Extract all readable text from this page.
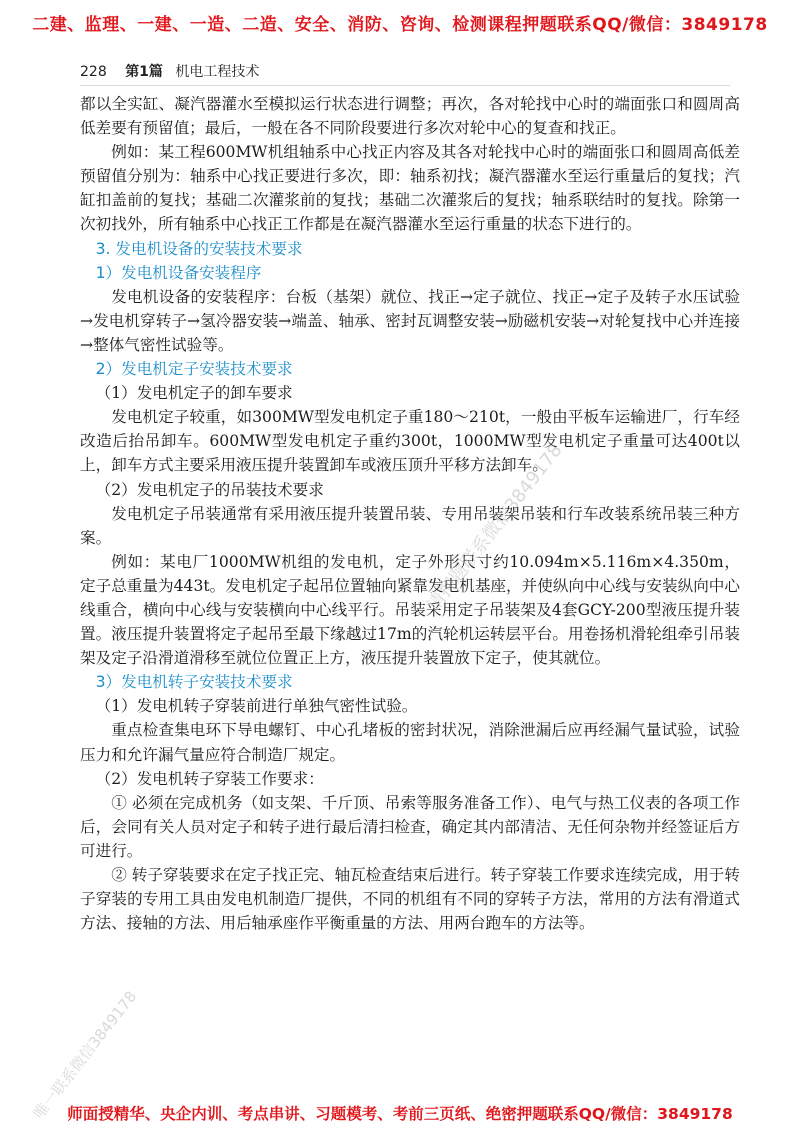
二建、监理、一建、一造、二造、安全、消防、咨询、检测课程押题联系QQ/微信：3849178
228 第1篇 机电工程技术

都以全实缸、凝汽器灌水至模拟运行状态进行调整；再次，各对轮找中心时的端面张口和圆周高低差要有预留值；最后，一般在各不同阶段要进行多次对轮中心的复查和找正。

例如：某工程600MW机组轴系中心找正内容及其各对轮找中心时的端面张口和圆周高低差预留值分别为：轴系中心找正要进行多次，即：轴系初找；凝汽器灌水至运行重量后的复找；汽缸扣盖前的复找；基础二次灌浆前的复找；基础二次灌浆后的复找；轴系联结时的复找。除第一次初找外，所有轴系中心找正工作都是在凝汽器灌水至运行重量的状态下进行的。

3. 发电机设备的安装技术要求
1）发电机设备安装程序

发电机设备的安装程序：台板（基架）就位、找正→定子就位、找正→定子及转子水压试验→发电机穿转子→氢冷器安装→端盖、轴承、密封瓦调整安装→励磁机安装→对轮复找中心并连接→整体气密性试验等。

2）发电机定子安装技术要求

（1）发电机定子的卸车要求

发电机定子较重，如300MW型发电机定子重180～210t，一般由平板车运输进厂，行车经改造后抬吊卸车。600MW型发电机定子重约300t，1000MW型发电机定子重量可达400t以上，卸车方式主要采用液压提升装置卸车或液压顶升平移方法卸车。

（2）发电机定子的吊装技术要求

发电机定子吊装通常有采用液压提升装置吊装、专用吊装架吊装和行车改装系统吊装三种方案。

例如：某电厂1000MW机组的发电机，定子外形尺寸约10.094m×5.116m×4.350m，定子总重量为443t。发电机定子起吊位置轴向紧靠发电机基座，并使纵向中心线与安装纵向中心线重合，横向中心线与安装横向中心线平行。吊装采用定子吊装架及4套GCY-200型液压提升装置。液压提升装置将定子起吊至最下缘越过17m的汽轮机运转层平台。用卷扬机滑轮组牵引吊装架及定子沿滑道滑移至就位位置正上方，液压提升装置放下定子，使其就位。

3）发电机转子安装技术要求

（1）发电机转子穿装前进行单独气密性试验。

重点检查集电环下导电螺钉、中心孔堵板的密封状况，消除泄漏后应再经漏气量试验，试验压力和允许漏气量应符合制造厂规定。

（2）发电机转子穿装工作要求：

① 必须在完成机务（如支架、千斤顶、吊索等服务准备工作）、电气与热工仪表的各项工作后，会同有关人员对定子和转子进行最后清扫检查，确定其内部清洁、无任何杂物并经签证后方可进行。

② 转子穿装要求在定子找正完、轴瓦检查结束后进行。转子穿装工作要求连续完成，用于转子穿装的专用工具由发电机制造厂提供，不同的机组有不同的穿转子方法，常用的方法有滑道式方法、接轴的方法、用后轴承座作平衡重量的方法、用两台跑车的方法等。

请押题联系微信3849178
唯一联系微信3849178
师面授精华、央企内训、考点串讲、习题模考、考前三页纸、绝密押题联系QQ/微信：3849178
